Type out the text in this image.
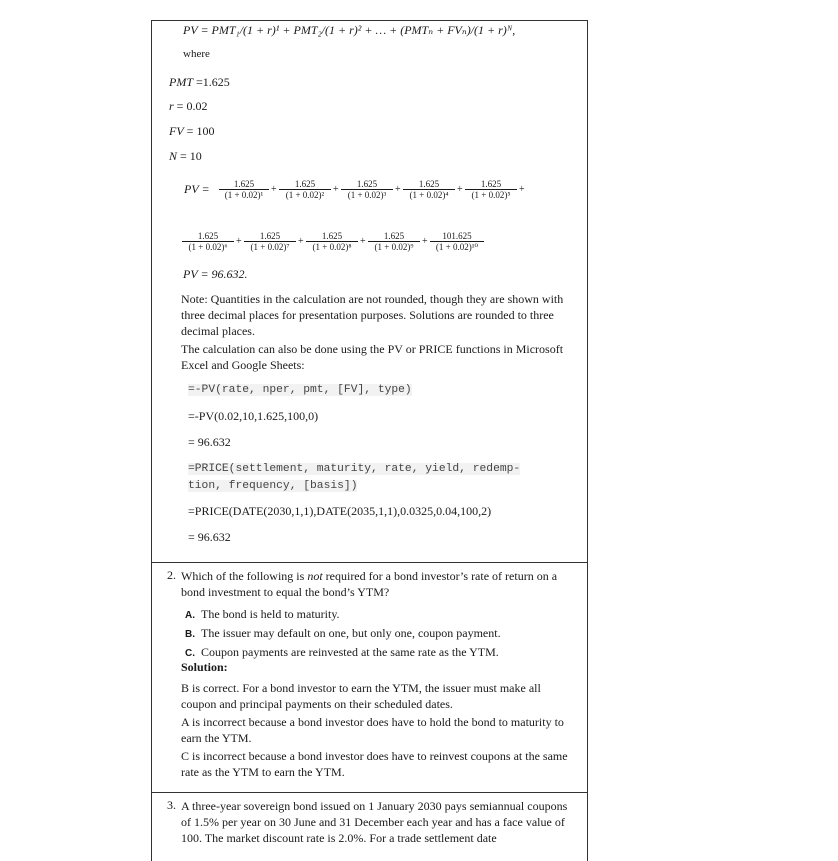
PV = PMT₁/(1 + r)¹ + PMT₂/(1 + r)² + … + (PMTₙ + FVₙ)/(1 + r)ᴺ,
where
PMT =1.625
r = 0.02
FV = 100
N = 10
PV = $\frac{1.625}{\text{(1 + 0.02)¹}} + \frac{1.625}{\text{(1 + 0.02)²}} + \frac{1.625}{\text{(1 + 0.02)³}} + \frac{1.625}{\text{(1 + 0.02)⁴}} + \frac{1.625}{\text{(1 + 0.02)⁵}}$ +
$\frac{1.625}{\text{(1 + 0.02)⁶}} + \frac{1.625}{\text{(1 + 0.02)⁷}} + \frac{1.625}{\text{(1 + 0.02)⁸}} + \frac{1.625}{\text{(1 + 0.02)⁹}} + \frac{101.625}{\text{(1 + 0.02)¹⁰}}$
PV = 96.632.
Note: Quantities in the calculation are not rounded, though they are shown with three decimal places for presentation purposes. Solutions are rounded to three decimal places.
The calculation can also be done using the PV or PRICE functions in Microsoft Excel and Google Sheets:
=-PV(rate, nper, pmt, [FV], type)
=-PV(0.02,10,1.625,100,0)
= 96.632
=PRICE(settlement, maturity, rate, yield, redemp-
tion, frequency, [basis])
=PRICE(DATE(2030,1,1),DATE(2035,1,1),0.0325,0.04,100,2)
= 96.632
2. Which of the following is not required for a bond investor’s rate of return on a bond investment to equal the bond’s YTM?
A. The bond is held to maturity.
B. The issuer may default on one, but only one, coupon payment.
C. Coupon payments are reinvested at the same rate as the YTM.
Solution:
B is correct. For a bond investor to earn the YTM, the issuer must make all coupon and principal payments on their scheduled dates.
A is incorrect because a bond investor does have to hold the bond to maturity to earn the YTM.
C is incorrect because a bond investor does have to reinvest coupons at the same rate as the YTM to earn the YTM.
3. A three-year sovereign bond issued on 1 January 2030 pays semiannual coupons of 1.5% per year on 30 June and 31 December each year and has a face value of 100. The market discount rate is 2.0%. For a trade settlement date
